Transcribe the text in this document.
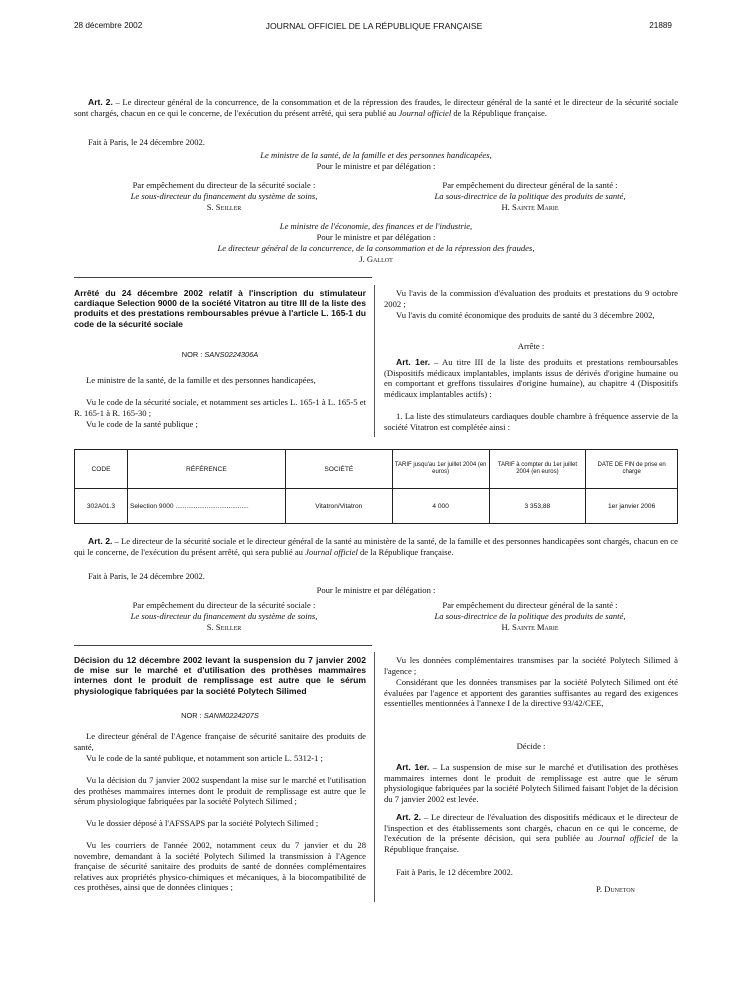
28 décembre 2002	JOURNAL OFFICIEL DE LA RÉPUBLIQUE FRANÇAISE	21889

Art. 2. – Le directeur général de la concurrence, de la consommation et de la répression des fraudes, le directeur général de la santé et le directeur de la sécurité sociale sont chargés, chacun en ce qui le concerne, de l'exécution du présent arrêté, qui sera publié au Journal officiel de la République française.

Fait à Paris, le 24 décembre 2002.
Le ministre de la santé, de la famille et des personnes handicapées,
Pour le ministre et par délégation :
Par empêchement du directeur de la sécurité sociale :
Le sous-directeur du financement du système de soins,
S. Seiller
Par empêchement du directeur général de la santé :
La sous-directrice de la politique des produits de santé,
H. Sainte Marie
Le ministre de l'économie, des finances et de l'industrie,
Pour le ministre et par délégation :
Le directeur général de la concurrence, de la consommation et de la répression des fraudes,
J. Gallot

Arrêté du 24 décembre 2002 relatif à l'inscription du stimulateur cardiaque Selection 9000 de la société Vitatron au titre III de la liste des produits et des prestations remboursables prévue à l'article L. 165-1 du code de la sécurité sociale

NOR : SANS0224306A

Le ministre de la santé, de la famille et des personnes handicapées,

Vu le code de la sécurité sociale, et notamment ses articles L. 165-1 à L. 165-5 et R. 165-1 à R. 165-30 ;

Vu le code de la santé publique ;

Vu l'avis de la commission d'évaluation des produits et prestations du 9 octobre 2002 ;

Vu l'avis du comité économique des produits de santé du 3 décembre 2002,

Arrête :

Art. 1er. – Au titre III de la liste des produits et prestations remboursables (Dispositifs médicaux implantables, implants issus de dérivés d'origine humaine ou en comportant et greffons tissulaires d'origine humaine), au chapitre 4 (Dispositifs médicaux implantables actifs) :

1. La liste des stimulateurs cardiaques double chambre à fréquence asservie de la société Vitatron est complétée ainsi :

CODE	RÉFÉRENCE	SOCIÉTÉ	TARIF jusqu'au 1er juillet 2004 (en euros)	TARIF à compter du 1er juillet 2004 (en euros)	DATE DE FIN de prise en charge
302A01.3	Selection 9000 ........................................	Vitatron/Vitatron	4 000	3 353,88	1er janvier 2006

Art. 2. – Le directeur de la sécurité sociale et le directeur général de la santé au ministère de la santé, de la famille et des personnes handicapées sont chargés, chacun en ce qui le concerne, de l'exécution du présent arrêté, qui sera publié au Journal officiel de la République française.

Fait à Paris, le 24 décembre 2002.
Pour le ministre et par délégation :
Par empêchement du directeur de la sécurité sociale :
Le sous-directeur du financement du système de soins,
S. Seiller
Par empêchement du directeur général de la santé :
La sous-directrice de la politique des produits de santé,
H. Sainte Marie

Décision du 12 décembre 2002 levant la suspension du 7 janvier 2002 de mise sur le marché et d'utilisation des prothèses mammaires internes dont le produit de remplissage est autre que le sérum physiologique fabriquées par la société Polytech Silimed

NOR : SANM0224207S

Le directeur général de l'Agence française de sécurité sanitaire des produits de santé,

Vu le code de la santé publique, et notamment son article L. 5312-1 ;

Vu la décision du 7 janvier 2002 suspendant la mise sur le marché et l'utilisation des prothèses mammaires internes dont le produit de remplissage est autre que le sérum physiologique fabriquées par la société Polytech Silimed ;

Vu le dossier déposé à l'AFSSAPS par la société Polytech Silimed ;

Vu les courriers de l'année 2002, notamment ceux du 7 janvier et du 28 novembre, demandant à la société Polytech Silimed la transmission à l'Agence française de sécurité sanitaire des produits de santé de données complémentaires relatives aux propriétés physico-chimiques et mécaniques, à la biocompatibilité de ces prothèses, ainsi que de données cliniques ;

Vu les données complémentaires transmises par la société Polytech Silimed à l'agence ;

Considérant que les données transmises par la société Polytech Silimed ont été évaluées par l'agence et apportent des garanties suffisantes au regard des exigences essentielles mentionnées à l'annexe I de la directive 93/42/CEE,

Décide :

Art. 1er. – La suspension de mise sur le marché et d'utilisation des prothèses mammaires internes dont le produit de remplissage est autre que le sérum physiologique fabriquées par la société Polytech Silimed faisant l'objet de la décision du 7 janvier 2002 est levée.

Art. 2. – Le directeur de l'évaluation des dispositifs médicaux et le directeur de l'inspection et des établissements sont chargés, chacun en ce qui le concerne, de l'exécution de la présente décision, qui sera publiée au Journal officiel de la République française.

Fait à Paris, le 12 décembre 2002.
P. Duneton
